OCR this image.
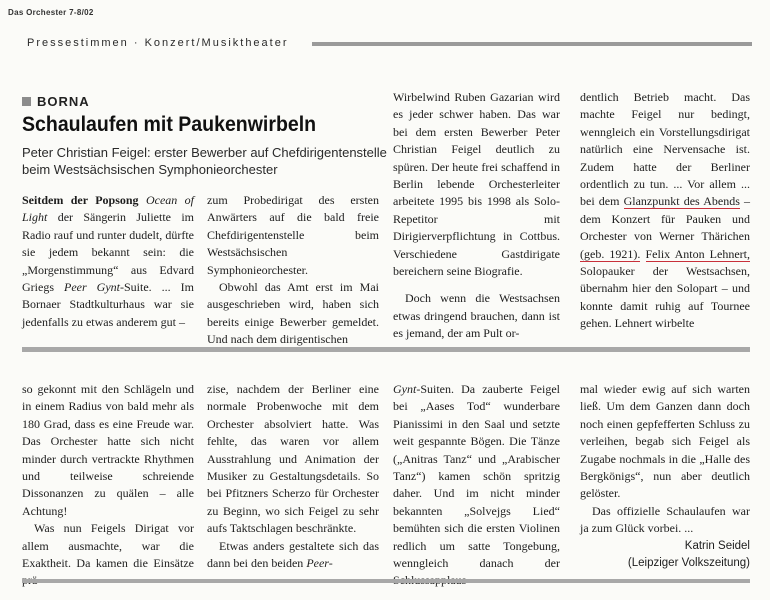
Das Orchester 7-8/02
Pressestimmen · Konzert/Musiktheater
BORNA
Schaulaufen mit Paukenwirbeln
Peter Christian Feigel: erster Bewerber auf Chefdirigentenstelle beim Westsächsischen Symphonieorchester

Seitdem der Popsong Ocean of Light der Sängerin Juliette im Radio rauf und runter dudelt, dürfte sie jedem bekannt sein: die „Morgenstimmung“ aus Edvard Griegs Peer Gynt-Suite. ... Im Bornaer Stadtkulturhaus war sie jedenfalls zu etwas anderem gut –

zum Probedirigat des ersten Anwärters auf die bald freie Chefdirigentenstelle beim Westsächsischen Symphonieorchester.

Obwohl das Amt erst im Mai ausgeschrieben wird, haben sich bereits einige Bewerber gemeldet. Und nach dem dirigentischen

Wirbelwind Ruben Gazarian wird es jeder schwer haben. Das war bei dem ersten Bewerber Peter Christian Feigel deutlich zu spüren. Der heute frei schaffend in Berlin lebende Orchesterleiter arbeitete 1995 bis 1998 als Solo-Repetitor mit Dirigierverpflichtung in Cottbus. Verschiedene Gastdirigate bereichern seine Biografie.

Doch wenn die Westsachsen etwas dringend brauchen, dann ist es jemand, der am Pult or-

dentlich Betrieb macht. Das machte Feigel nur bedingt, wenngleich ein Vorstellungsdirigat natürlich eine Nervensache ist. Zudem hatte der Berliner ordentlich zu tun. ... Vor allem ... bei dem Glanzpunkt des Abends – dem Konzert für Pauken und Orchester von Werner Thärichen (geb. 1921). Felix Anton Lehnert, Solopauker der Westsachsen, übernahm hier den Solopart – und konnte damit ruhig auf Tournee gehen. Lehnert wirbelte

so gekonnt mit den Schlägeln und in einem Radius von bald mehr als 180 Grad, dass es eine Freude war. Das Orchester hatte sich nicht minder durch vertrackte Rhythmen und teilweise schreiende Dissonanzen zu quälen – alle Achtung!

Was nun Feigels Dirigat vor allem ausmachte, war die Exaktheit. Da kamen die Einsätze

zise, nachdem der Berliner eine normale Probenwoche mit dem Orchester absolviert hatte. Was fehlte, das waren vor allem Ausstrahlung und Animation der Musiker zu Gestaltungsdetails. So bei Pfitzners Scherzo für Orchester zu Beginn, wo sich Feigel zu sehr aufs Taktschlagen beschränkte.

Etwas anders gestaltete sich das dann bei den beiden Peer-

Gynt-Suiten. Da zauberte Feigel bei „Aases Tod“ wunderbare Pianissimi in den Saal und setzte weit gespannte Bögen. Die Tänze („Anitras Tanz“ und „Arabischer Tanz“) kamen schön spritzig daher. Und im nicht minder bekannten „Solvejgs Lied“ bemühten sich die ersten Violinen redlich um satte Tongebung, wenngleich danach der

mal wieder ewig auf sich warten ließ. Um dem Ganzen dann doch noch einen gepfefferten Schluss zu verleihen, begab sich Feigel als Zugabe nochmals in die „Halle des Bergkönigs“, nun aber deutlich gelöster.

Das offizielle Schaulaufen war ja zum Glück vorbei. ...

Katrin Seidel

(Leipziger Volkszeitung)
